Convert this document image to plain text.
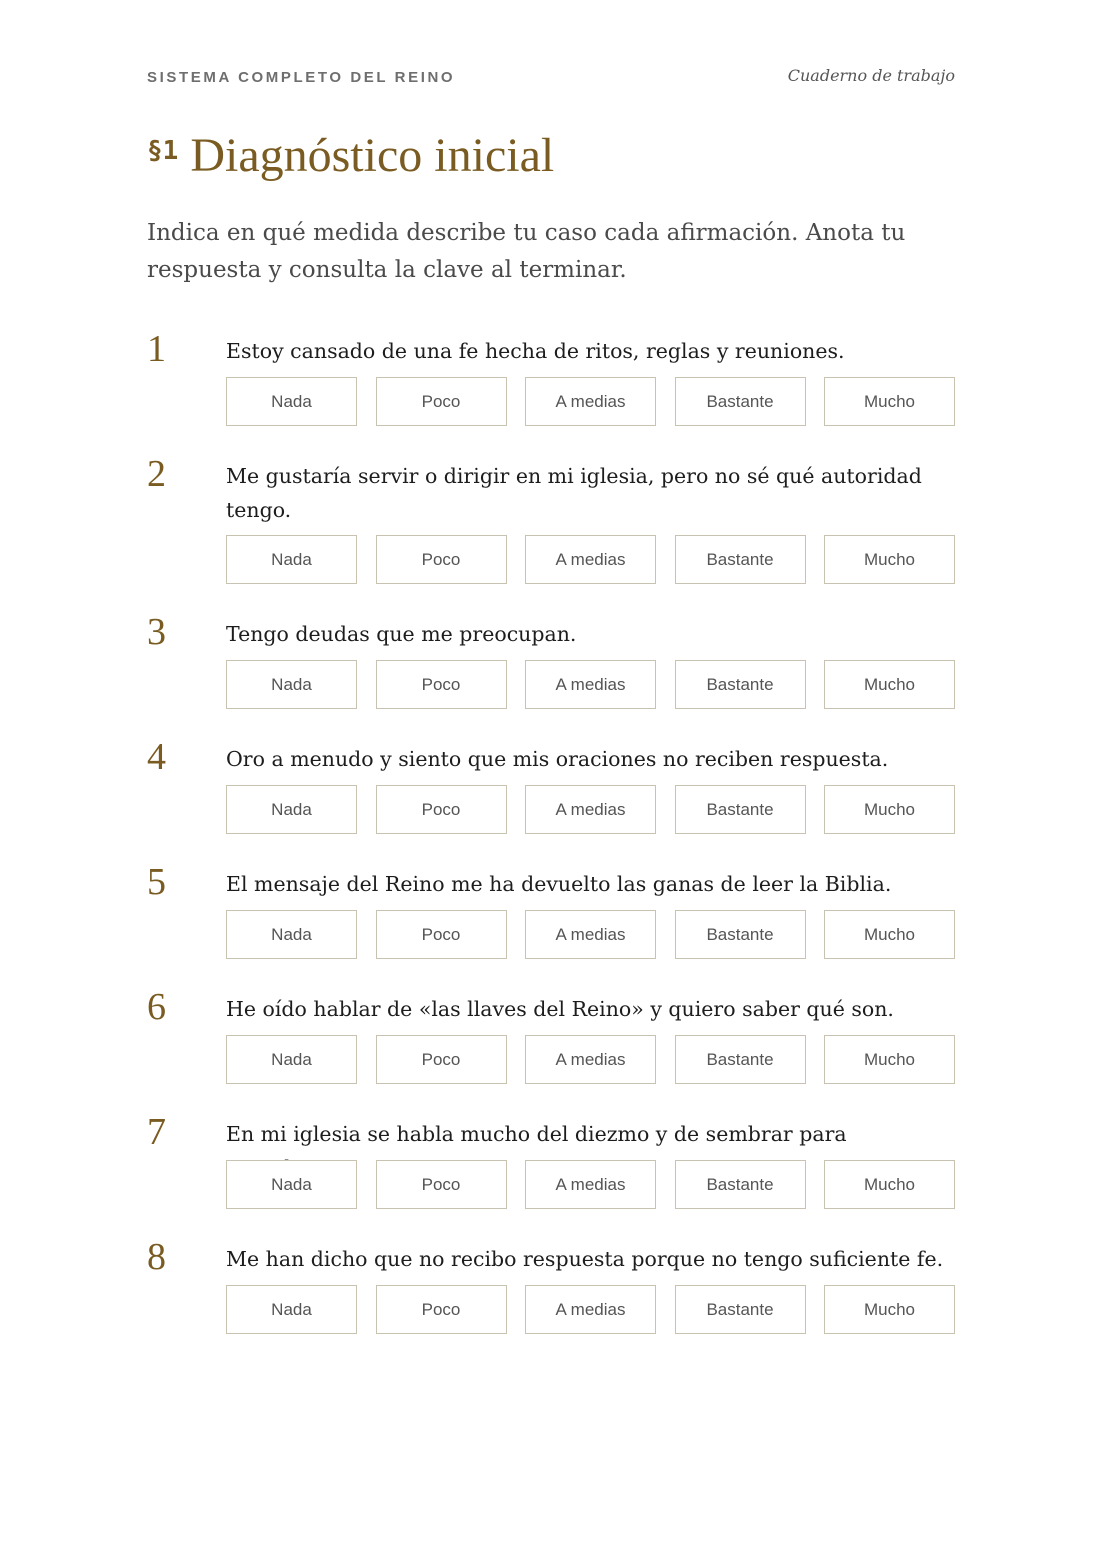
SISTEMA COMPLETO DEL REINO	Cuaderno de trabajo
§1 Diagnóstico inicial
Indica en qué medida describe tu caso cada afirmación. Anota tu respuesta y consulta la clave al terminar.
1	Estoy cansado de una fe hecha de ritos, reglas y reuniones.
Nada	Poco	A medias	Bastante	Mucho
2	Me gustaría servir o dirigir en mi iglesia, pero no sé qué autoridad tengo.
Nada	Poco	A medias	Bastante	Mucho
3	Tengo deudas que me preocupan.
Nada	Poco	A medias	Bastante	Mucho
4	Oro a menudo y siento que mis oraciones no reciben respuesta.
Nada	Poco	A medias	Bastante	Mucho
5	El mensaje del Reino me ha devuelto las ganas de leer la Biblia.
Nada	Poco	A medias	Bastante	Mucho
6	He oído hablar de «las llaves del Reino» y quiero saber qué son.
Nada	Poco	A medias	Bastante	Mucho
7	En mi iglesia se habla mucho del diezmo y de sembrar para
Nada	Poco	A medias	Bastante	Mucho
8	Me han dicho que no recibo respuesta porque no tengo suficiente fe.
Nada	Poco	A medias	Bastante	Mucho
